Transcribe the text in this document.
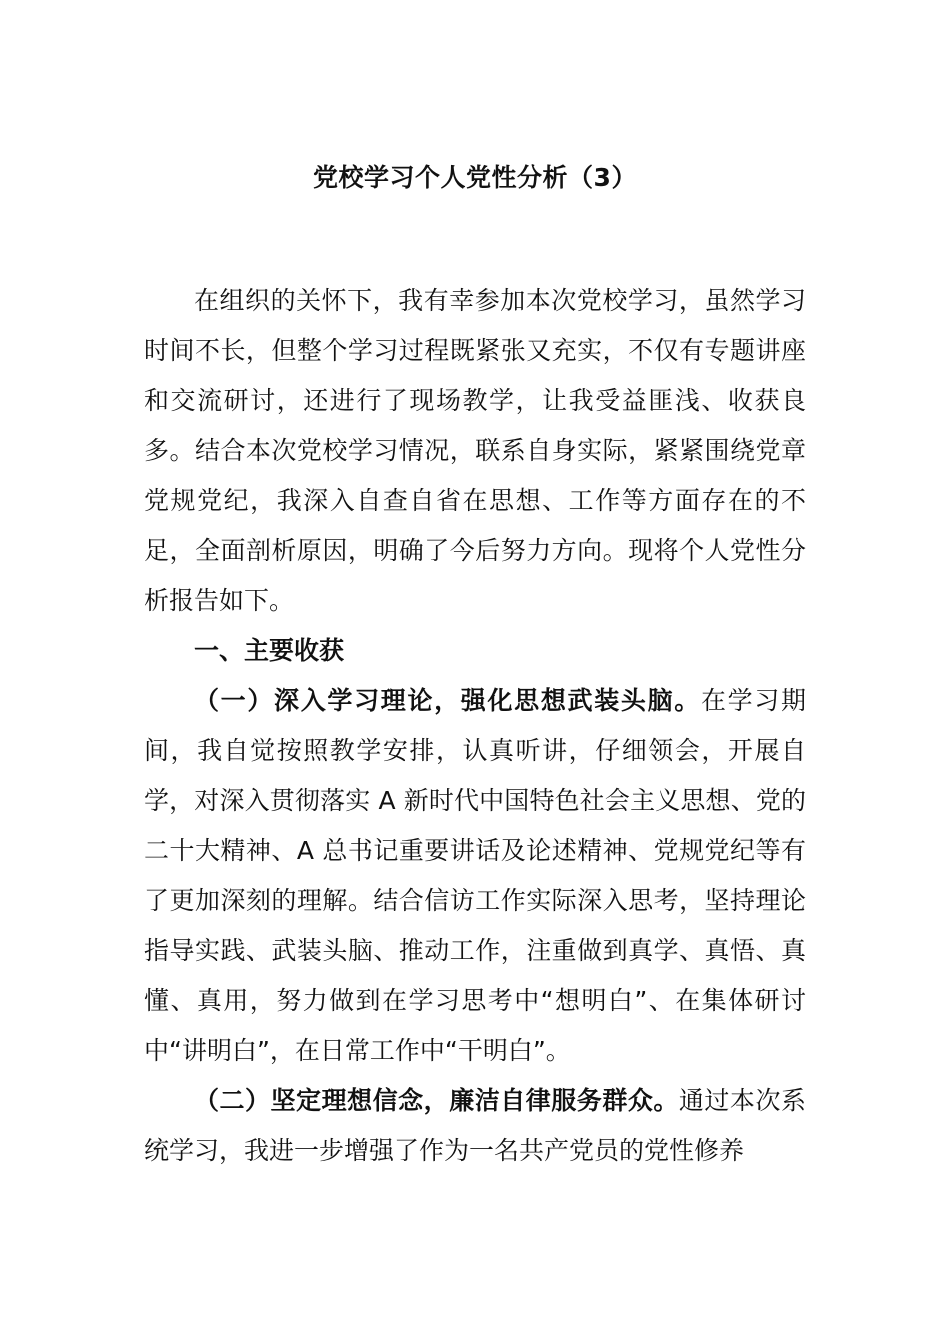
党校学习个人党性分析（3）

在组织的关怀下，我有幸参加本次党校学习，虽然学习时间不长，但整个学习过程既紧张又充实，不仅有专题讲座和交流研讨，还进行了现场教学，让我受益匪浅、收获良多。结合本次党校学习情况，联系自身实际，紧紧围绕党章党规党纪，我深入自查自省在思想、工作等方面存在的不足，全面剖析原因，明确了今后努力方向。现将个人党性分析报告如下。

一、主要收获

（一）深入学习理论，强化思想武装头脑。在学习期间，我自觉按照教学安排，认真听讲，仔细领会，开展自学，对深入贯彻落实 A 新时代中国特色社会主义思想、党的二十大精神、A 总书记重要讲话及论述精神、党规党纪等有了更加深刻的理解。结合信访工作实际深入思考，坚持理论指导实践、武装头脑、推动工作，注重做到真学、真悟、真懂、真用，努力做到在学习思考中“想明白”、在集体研讨中“讲明白”，在日常工作中“干明白”。

（二）坚定理想信念，廉洁自律服务群众。通过本次系统学习，我进一步增强了作为一名共产党员的党性修养
